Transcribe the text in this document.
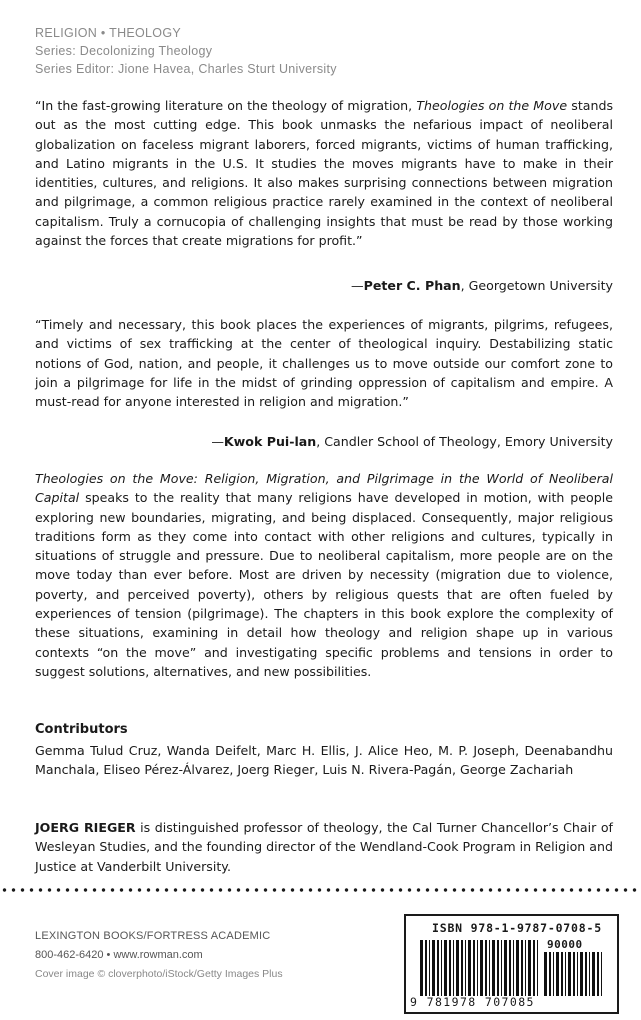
RELIGION • THEOLOGY
Series: Decolonizing Theology
Series Editor: Jione Havea, Charles Sturt University
“In the fast-growing literature on the theology of migration, Theologies on the Move stands out as the most cutting edge. This book unmasks the nefarious impact of neoliberal globalization on faceless migrant laborers, forced migrants, victims of human trafficking, and Latino migrants in the U.S. It studies the moves migrants have to make in their identities, cultures, and religions. It also makes surprising connections between migration and pilgrimage, a common religious practice rarely examined in the context of neoliberal capitalism. Truly a cornucopia of challenging insights that must be read by those working against the forces that create migrations for profit.”
—Peter C. Phan, Georgetown University
“Timely and necessary, this book places the experiences of migrants, pilgrims, refugees, and victims of sex trafficking at the center of theological inquiry. Destabilizing static notions of God, nation, and people, it challenges us to move outside our comfort zone to join a pilgrimage for life in the midst of grinding oppression of capitalism and empire. A must-read for anyone interested in religion and migration.”
—Kwok Pui-lan, Candler School of Theology, Emory University
Theologies on the Move: Religion, Migration, and Pilgrimage in the World of Neoliberal Capital speaks to the reality that many religions have developed in motion, with people exploring new boundaries, migrating, and being displaced. Consequently, major religious traditions form as they come into contact with other religions and cultures, typically in situations of struggle and pressure. Due to neoliberal capitalism, more people are on the move today than ever before. Most are driven by necessity (migration due to violence, poverty, and perceived poverty), others by religious quests that are often fueled by experiences of tension (pilgrimage). The chapters in this book explore the complexity of these situations, examining in detail how theology and religion shape up in various contexts “on the move” and investigating specific problems and tensions in order to suggest solutions, alternatives, and new possibilities.
Contributors
Gemma Tulud Cruz, Wanda Deifelt, Marc H. Ellis, J. Alice Heo, M. P. Joseph, Deenabandhu Manchala, Eliseo Pérez-Álvarez, Joerg Rieger, Luis N. Rivera-Pagán, George Zachariah
JOERG RIEGER is distinguished professor of theology, the Cal Turner Chancellor’s Chair of Wesleyan Studies, and the founding director of the Wendland-Cook Program in Religion and Justice at Vanderbilt University.
LEXINGTON BOOKS/FORTRESS ACADEMIC
800-462-6420 • www.rowman.com
Cover image © cloverphoto/iStock/Getty Images Plus
ISBN 978-1-9787-0708-5
90000
9 781978 707085
